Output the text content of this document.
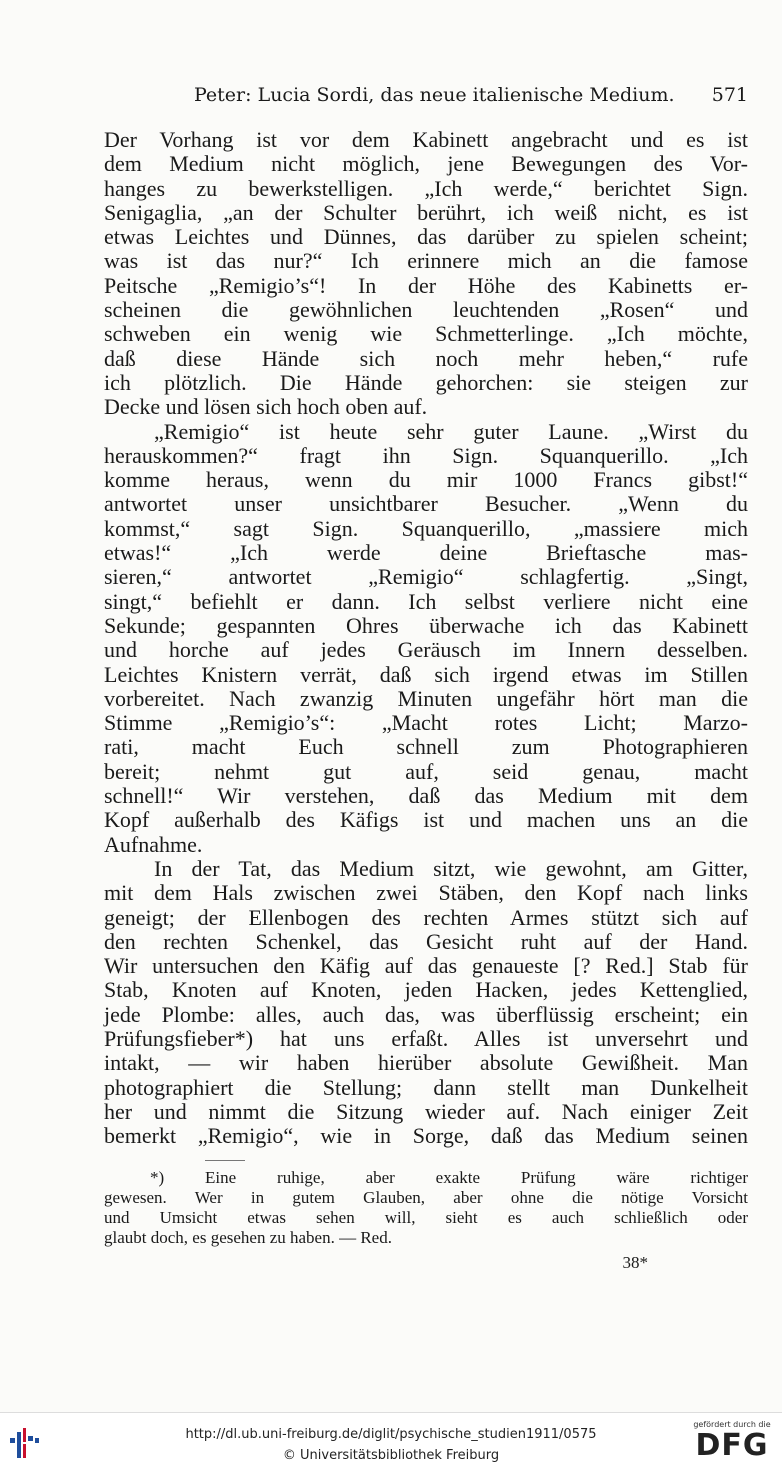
Peter: Lucia Sordi, das neue italienische Medium. 571
Der Vorhang ist vor dem Kabinett angebracht und es ist
dem Medium nicht möglich, jene Bewegungen des Vor-
hanges zu bewerkstelligen. „Ich werde,“ berichtet Sign.
Senigaglia, „an der Schulter berührt, ich weiß nicht, es ist
etwas Leichtes und Dünnes, das darüber zu spielen scheint;
was ist das nur?“ Ich erinnere mich an die famose
Peitsche „Remigio’s“! In der Höhe des Kabinetts er-
scheinen die gewöhnlichen leuchtenden „Rosen“ und
schweben ein wenig wie Schmetterlinge. „Ich möchte,
daß diese Hände sich noch mehr heben,“ rufe
ich plötzlich. Die Hände gehorchen: sie steigen zur
Decke und lösen sich hoch oben auf.
„Remigio“ ist heute sehr guter Laune. „Wirst du
herauskommen?“ fragt ihn Sign. Squanquerillo. „Ich
komme heraus, wenn du mir 1000 Francs gibst!“
antwortet unser unsichtbarer Besucher. „Wenn du
kommst,“ sagt Sign. Squanquerillo, „massiere mich
etwas!“ „Ich werde deine Brieftasche mas-
sieren,“ antwortet „Remigio“ schlagfertig. „Singt,
singt,“ befiehlt er dann. Ich selbst verliere nicht eine
Sekunde; gespannten Ohres überwache ich das Kabinett
und horche auf jedes Geräusch im Innern desselben.
Leichtes Knistern verrät, daß sich irgend etwas im Stillen
vorbereitet. Nach zwanzig Minuten ungefähr hört man die
Stimme „Remigio’s“: „Macht rotes Licht; Marzo-
rati, macht Euch schnell zum Photographieren
bereit; nehmt gut auf, seid genau, macht
schnell!“ Wir verstehen, daß das Medium mit dem
Kopf außerhalb des Käfigs ist und machen uns an die
Aufnahme.
In der Tat, das Medium sitzt, wie gewohnt, am Gitter,
mit dem Hals zwischen zwei Stäben, den Kopf nach links
geneigt; der Ellenbogen des rechten Armes stützt sich auf
den rechten Schenkel, das Gesicht ruht auf der Hand.
Wir untersuchen den Käfig auf das genaueste [? Red.] Stab für
Stab, Knoten auf Knoten, jeden Hacken, jedes Kettenglied,
jede Plombe: alles, auch das, was überflüssig erscheint; ein
Prüfungsfieber*) hat uns erfaßt. Alles ist unversehrt und
intakt, — wir haben hierüber absolute Gewißheit. Man
photographiert die Stellung; dann stellt man Dunkelheit
her und nimmt die Sitzung wieder auf. Nach einiger Zeit
bemerkt „Remigio“, wie in Sorge, daß das Medium seinen
*) Eine ruhige, aber exakte Prüfung wäre richtiger
gewesen. Wer in gutem Glauben, aber ohne die nötige Vorsicht
und Umsicht etwas sehen will, sieht es auch schließlich oder
glaubt doch, es gesehen zu haben. — Red.
38*
http://dl.ub.uni-freiburg.de/diglit/psychische_studien1911/0575
© Universitätsbibliothek Freiburg
gefördert durch die
DFG
